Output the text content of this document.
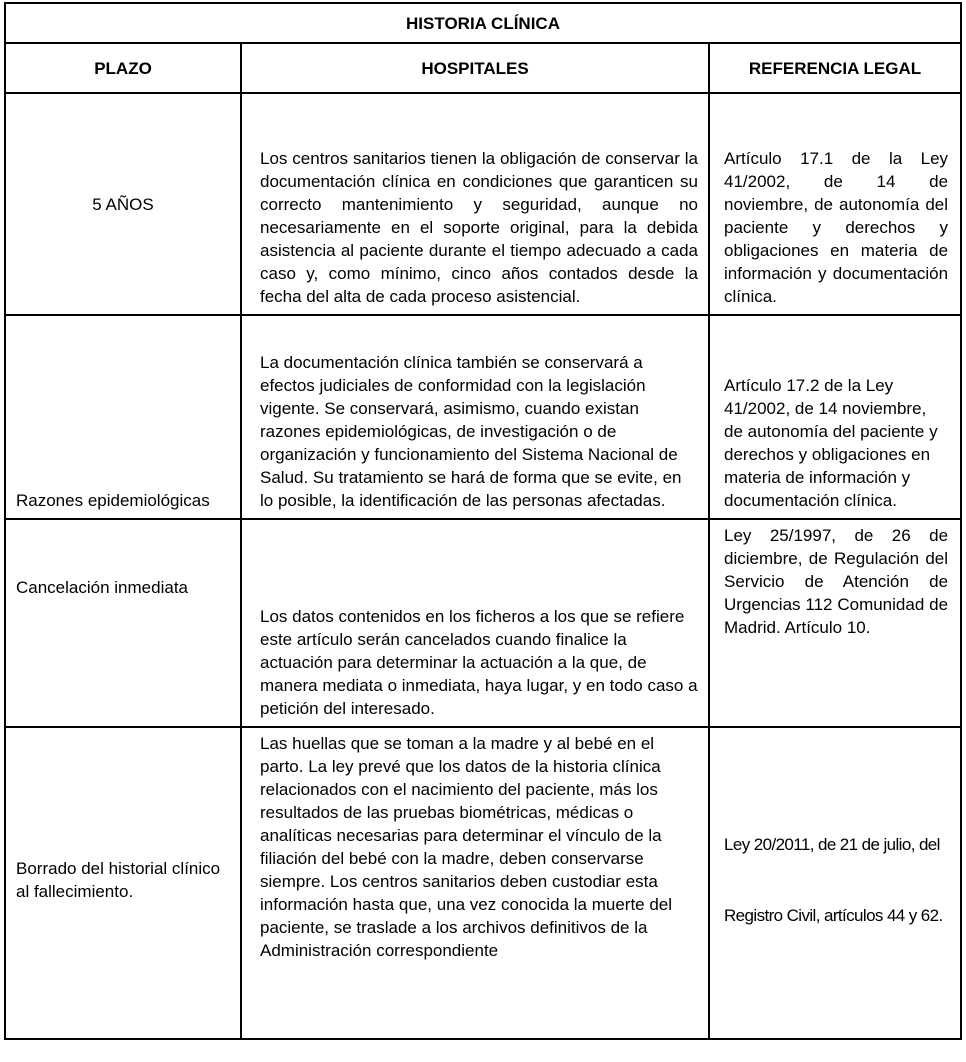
HISTORIA CLÍNICA		
PLAZO	HOSPITALES	REFERENCIA LEGAL
5 AÑOS	Los centros sanitarios tienen la obligación de conservar la documentación clínica en condiciones que garanticen su correcto mantenimiento y seguridad, aunque no necesariamente en el soporte original, para la debida asistencia al paciente durante el tiempo adecuado a cada caso y, como mínimo, cinco años contados desde la fecha del alta de cada proceso asistencial.	Artículo 17.1 de la Ley 41/2002, de 14 de noviembre, de autonomía del paciente y derechos y obligaciones en materia de información y documentación clínica.
Razones epidemiológicas	La documentación clínica también se conservará a efectos judiciales de conformidad con la legislación vigente. Se conservará, asimismo, cuando existan razones epidemiológicas, de investigación o de organización y funcionamiento del Sistema Nacional de Salud. Su tratamiento se hará de forma que se evite, en lo posible, la identificación de las personas afectadas.	Artículo 17.2 de la Ley 41/2002, de 14 noviembre, de autonomía del paciente y derechos y obligaciones en materia de información y documentación clínica.
Cancelación inmediata	Los datos contenidos en los ficheros a los que se refiere este artículo serán cancelados cuando finalice la actuación para determinar la actuación a la que, de manera mediata o inmediata, haya lugar, y en todo caso a petición del interesado.	Ley 25/1997, de 26 de diciembre, de Regulación del Servicio de Atención de Urgencias 112 Comunidad de Madrid. Artículo 10.
Borrado del historial clínico al fallecimiento.	Las huellas que se toman a la madre y al bebé en el parto. La ley prevé que los datos de la historia clínica relacionados con el nacimiento del paciente, más los resultados de las pruebas biométricas, médicas o analíticas necesarias para determinar el vínculo de la filiación del bebé con la madre, deben conservarse siempre. Los centros sanitarios deben custodiar esta información hasta que, una vez conocida la muerte del paciente, se traslade a los archivos definitivos de la Administración correspondiente	Ley 20/2011, de 21 de julio, del

Registro Civil, artículos 44 y 62.
